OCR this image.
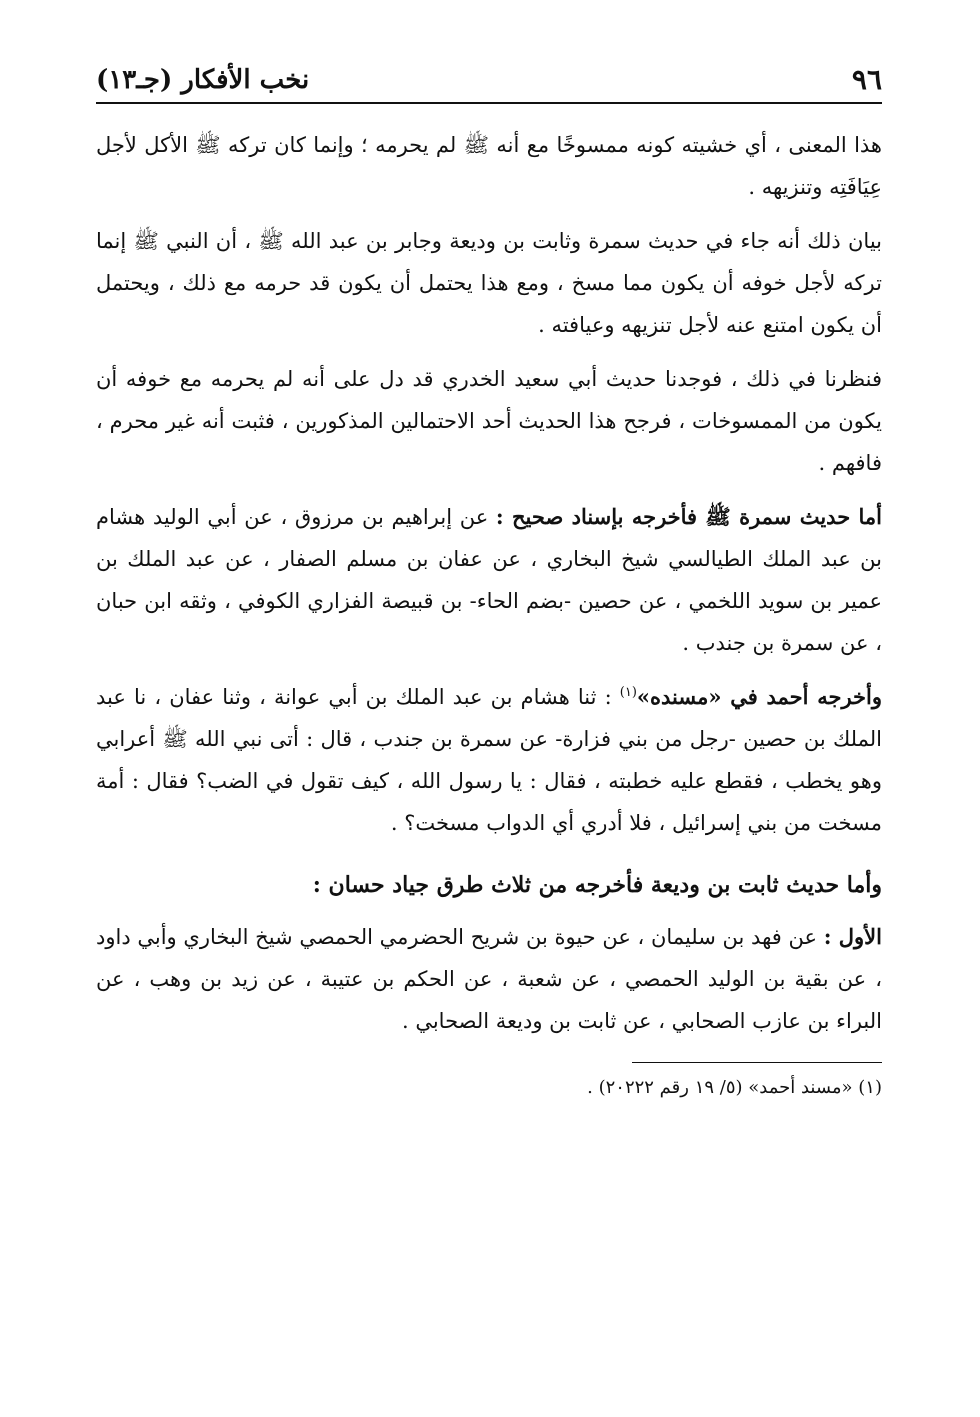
٩٦
نخب الأفكار (جـ١٣)

هذا المعنى ، أي خشيته كونه ممسوخًا مع أنه ﷺ لم يحرمه ؛ وإنما كان تركه ﷺ الأكل لأجل عِيَافَتِه وتنزيهه .

بيان ذلك أنه جاء في حديث سمرة وثابت بن وديعة وجابر بن عبد الله ﷺ ، أن النبي ﷺ إنما تركه لأجل خوفه أن يكون مما مسخ ، ومع هذا يحتمل أن يكون قد حرمه مع ذلك ، ويحتمل أن يكون امتنع عنه لأجل تنزيهه وعيافته .

فنظرنا في ذلك ، فوجدنا حديث أبي سعيد الخدري قد دل على أنه لم يحرمه مع خوفه أن يكون من الممسوخات ، فرجح هذا الحديث أحد الاحتمالين المذكورين ، فثبت أنه غير محرم ، فافهم .

أما حديث سمرة ﷺ فأخرجه بإسناد صحيح : عن إبراهيم بن مرزوق ، عن أبي الوليد هشام بن عبد الملك الطيالسي شيخ البخاري ، عن عفان بن مسلم الصفار ، عن عبد الملك بن عمير بن سويد اللخمي ، عن حصين -بضم الحاء- بن قبيصة الفزاري الكوفي ، وثقه ابن حبان ، عن سمرة بن جندب .

وأخرجه أحمد في «مسنده»$^{(١)}$ : ثنا هشام بن عبد الملك بن أبي عوانة ، وثنا عفان ، نا عبد الملك بن حصين -رجل من بني فزارة- عن سمرة بن جندب ، قال : أتى نبي الله ﷺ أعرابي وهو يخطب ، فقطع عليه خطبته ، فقال : يا رسول الله ، كيف تقول في الضب؟ فقال : أمة مسخت من بني إسرائيل ، فلا أدري أي الدواب مسخت؟ .

وأما حديث ثابت بن وديعة فأخرجه من ثلاث طرق جياد حسان :

الأول : عن فهد بن سليمان ، عن حيوة بن شريح الحضرمي الحمصي شيخ البخاري وأبي داود ، عن بقية بن الوليد الحمصي ، عن شعبة ، عن الحكم بن عتيبة ، عن زيد بن وهب ، عن البراء بن عازب الصحابي ، عن ثابت بن وديعة الصحابي .

(١) «مسند أحمد» (٥/ ١٩ رقم ٢٠٢٢٢) .
